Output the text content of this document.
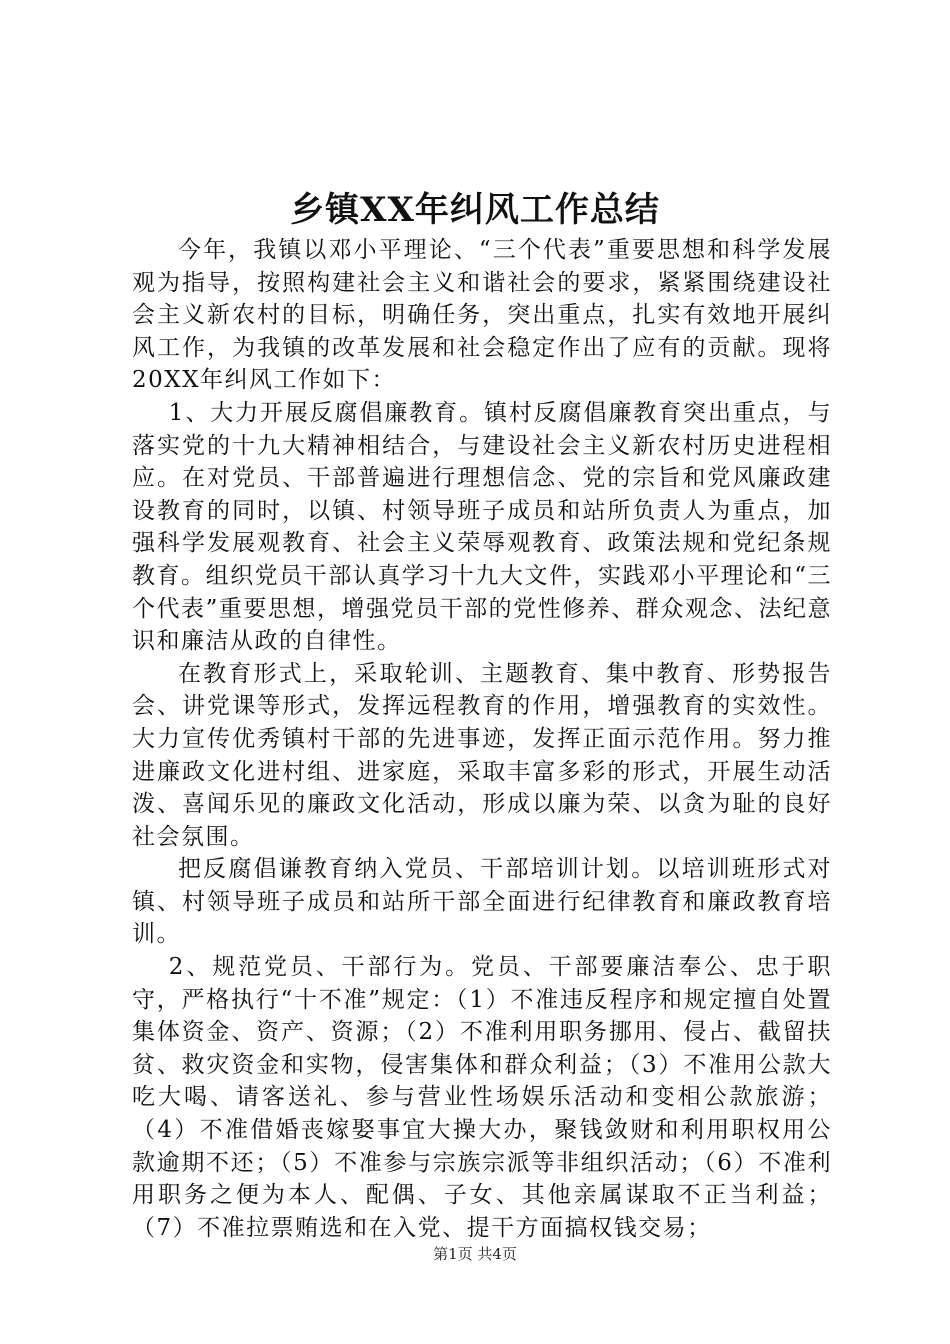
乡镇XX年纠风工作总结

今年，我镇以邓小平理论、“三个代表”重要思想和科学发展观为指导，按照构建社会主义和谐社会的要求，紧紧围绕建设社会主义新农村的目标，明确任务，突出重点，扎实有效地开展纠风工作，为我镇的改革发展和社会稳定作出了应有的贡献。现将20XX年纠风工作如下：

1、大力开展反腐倡廉教育。镇村反腐倡廉教育突出重点，与落实党的十九大精神相结合，与建设社会主义新农村历史进程相应。在对党员、干部普遍进行理想信念、党的宗旨和党风廉政建设教育的同时，以镇、村领导班子成员和站所负责人为重点，加强科学发展观教育、社会主义荣辱观教育、政策法规和党纪条规教育。组织党员干部认真学习十九大文件，实践邓小平理论和“三个代表”重要思想，增强党员干部的党性修养、群众观念、法纪意识和廉洁从政的自律性。

在教育形式上，采取轮训、主题教育、集中教育、形势报告会、讲党课等形式，发挥远程教育的作用，增强教育的实效性。大力宣传优秀镇村干部的先进事迹，发挥正面示范作用。努力推进廉政文化进村组、进家庭，采取丰富多彩的形式，开展生动活泼、喜闻乐见的廉政文化活动，形成以廉为荣、以贪为耻的良好社会氛围。

把反腐倡谦教育纳入党员、干部培训计划。以培训班形式对镇、村领导班子成员和站所干部全面进行纪律教育和廉政教育培训。

2、规范党员、干部行为。党员、干部要廉洁奉公、忠于职守，严格执行“十不准”规定：（1）不准违反程序和规定擅自处置集体资金、资产、资源；（2）不准利用职务挪用、侵占、截留扶贫、救灾资金和实物，侵害集体和群众利益；（3）不准用公款大吃大喝、请客送礼、参与营业性场娱乐活动和变相公款旅游；（4）不准借婚丧嫁娶事宜大操大办，聚钱敛财和利用职权用公款逾期不还；（5）不准参与宗族宗派等非组织活动；（6）不准利用职务之便为本人、配偶、子女、其他亲属谋取不正当利益；（7）不准拉票贿选和在入党、提干方面搞权钱交易；

第1页 共4页
